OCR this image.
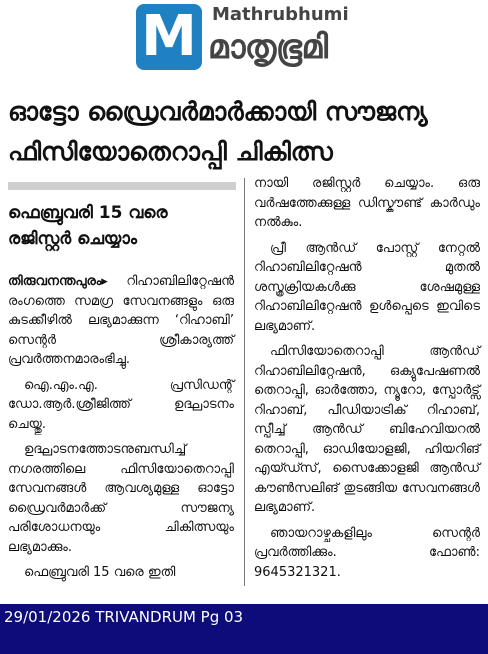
M Mathrubhumi
മാതൃഭൂമി
ഓട്ടോ ഡ്രൈവർമാർക്കായി സൗജന്യ ഫിസിയോതെറാപ്പി ചികിത്സ

ഫെബ്രുവരി 15 വരെ രജിസ്റ്റർ ചെയ്യാം

തിരുവനന്തപുരം▸ റിഹാബിലിറ്റേഷൻ രംഗത്തെ സമഗ്ര സേവനങ്ങളും ഒരു കുടക്കീഴിൽ ലഭ്യമാക്കുന്ന ‘റിഹാബി’ സെന്റർ ശ്രീകാര്യത്ത് പ്രവർത്തനമാരംഭിച്ചു.

ഐ.എം.എ. പ്രസിഡന്റ് ഡോ.ആർ.ശ്രീജിത്ത് ഉദ്ഘാടനം ചെയ്തു.

ഉദ്ഘാടനത്തോടനുബന്ധിച്ച് നഗരത്തിലെ ഫിസിയോതെറാപ്പി സേവനങ്ങൾ ആവശ്യമുള്ള ഓട്ടോ ഡ്രൈവർമാർക്ക് സൗജന്യ പരിശോധനയും ചികിത്സയും ലഭ്യമാക്കും.

ഫെബ്രുവരി 15 വരെ ഇതി

നായി രജിസ്റ്റർ ചെയ്യാം. ഒരു വർഷത്തേക്കുള്ള ഡിസ്കൗണ്ട് കാർഡും നൽകും.

പ്രീ ആൻഡ് പോസ്റ്റ് നേറ്റൽ റിഹാബിലിറ്റേഷൻ മുതൽ ശസ്ത്രക്രിയകൾക്കു ശേഷമുള്ള റിഹാബിലിറ്റേഷൻ ഉൾപ്പെടെ ഇവിടെ ലഭ്യമാണ്.

ഫിസിയോതെറാപ്പി ആൻഡ് റിഹാബിലിറ്റേഷൻ, ഒക്യുപേഷണൽ തെറാപ്പി, ഓർത്തോ, ന്യൂറോ, സ്പോർട്സ് റിഹാബ്, പീഡിയാട്രിക് റിഹാബ്, സ്പീച്ച് ആൻഡ് ബിഹേവിയറൽ തെറാപ്പി, ഓഡിയോളജി, ഹിയറിങ് എയ്ഡ്സ്, സൈക്കോളജി ആൻഡ് കൗൺസലിങ് തുടങ്ങിയ സേവനങ്ങൾ ലഭ്യമാണ്.

ഞായറാഴ്ചകളിലും സെന്റർ പ്രവർത്തിക്കും. ഫോൺ: 9645321321.

29/01/2026 TRIVANDRUM Pg 03
